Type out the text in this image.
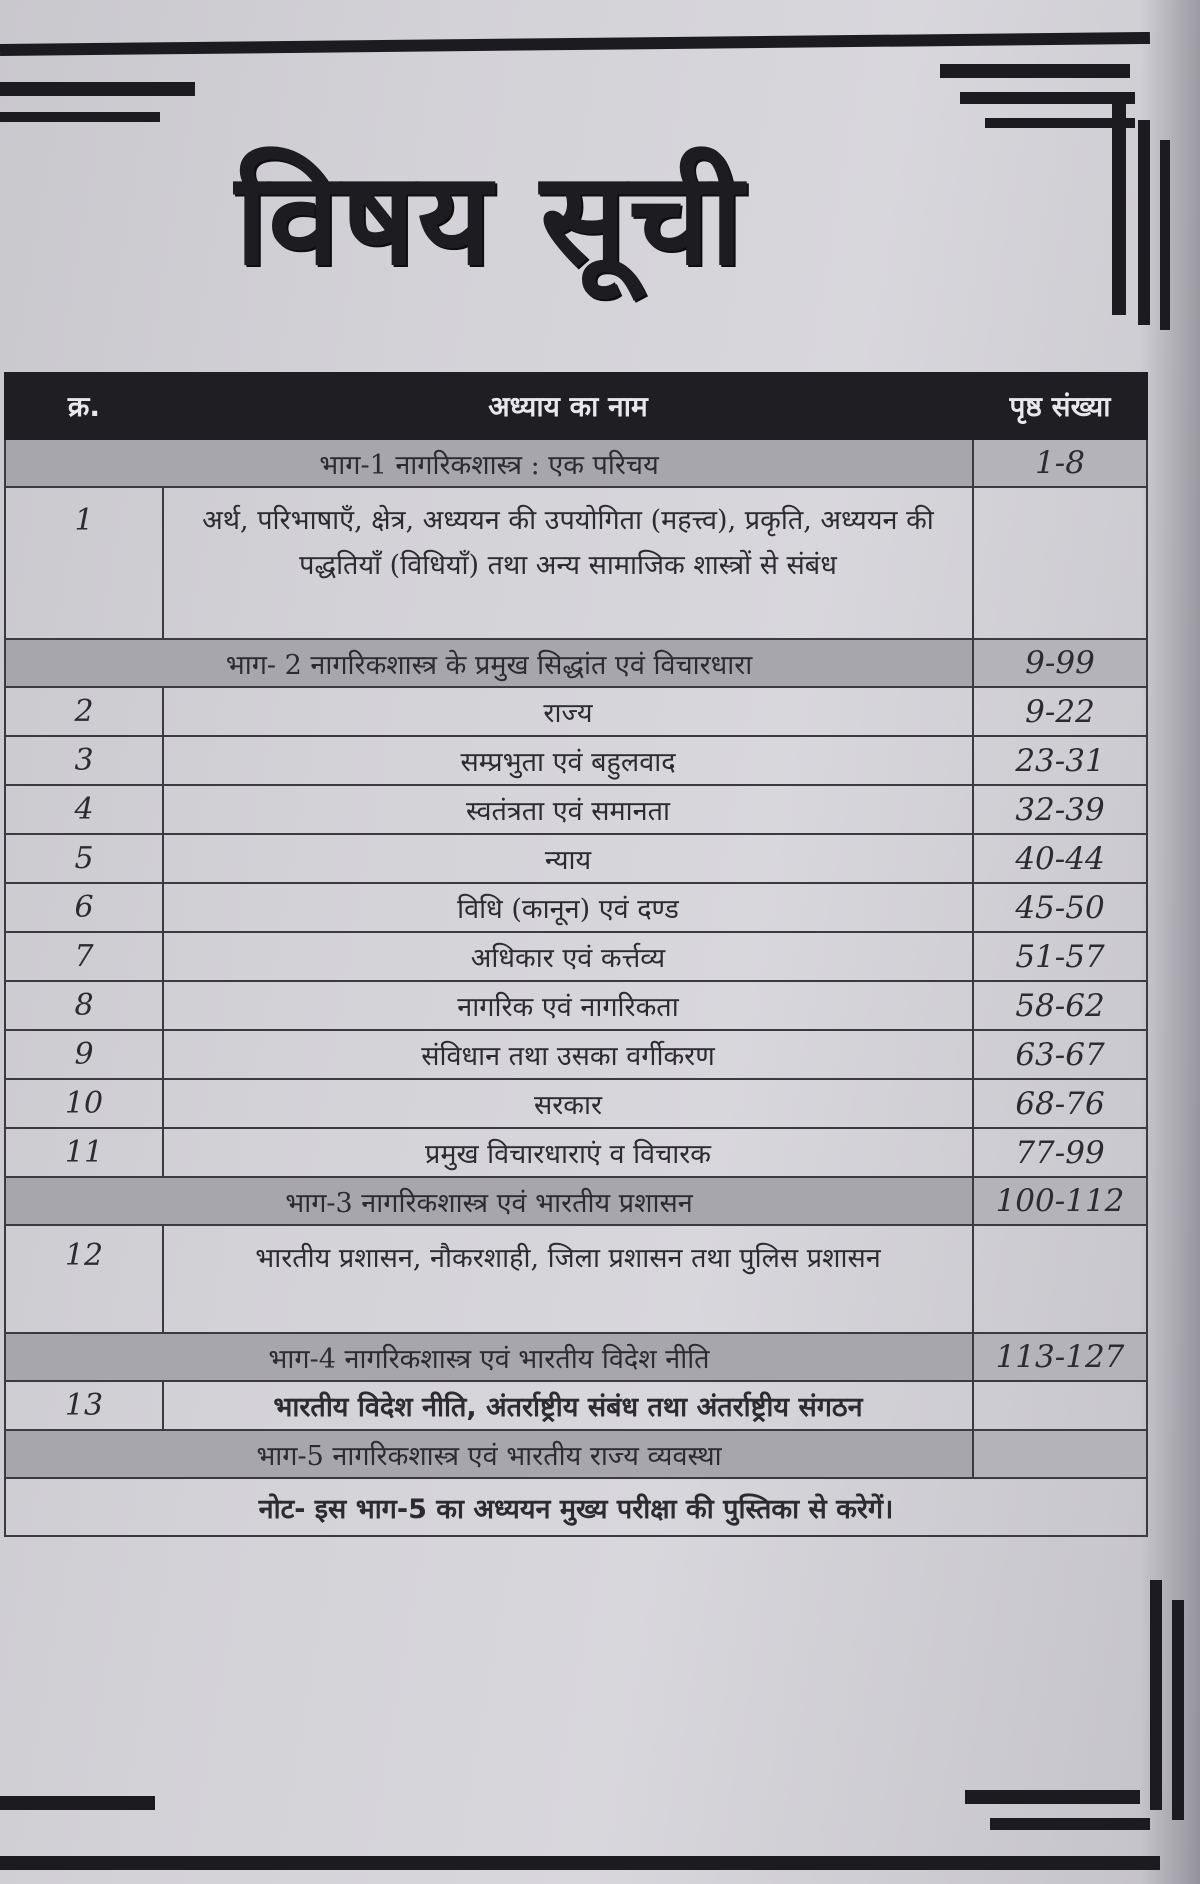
विषय सूची
क्र.	अध्याय का नाम	पृष्ठ संख्या
भाग-1 नागरिकशास्त्र : एक परिचय		1-8
1	अर्थ, परिभाषाएँ, क्षेत्र, अध्ययन की उपयोगिता (महत्त्व), प्रकृति, अध्ययन की पद्धतियाँ (विधियाँ) तथा अन्य सामाजिक शास्त्रों से संबंध	
भाग- 2 नागरिकशास्त्र के प्रमुख सिद्धांत एवं विचारधारा		9-99
2	राज्य	9-22
3	सम्प्रभुता एवं बहुलवाद	23-31
4	स्वतंत्रता एवं समानता	32-39
5	न्याय	40-44
6	विधि (कानून) एवं दण्ड	45-50
7	अधिकार एवं कर्त्तव्य	51-57
8	नागरिक एवं नागरिकता	58-62
9	संविधान तथा उसका वर्गीकरण	63-67
10	सरकार	68-76
11	प्रमुख विचारधाराएं व विचारक	77-99
भाग-3 नागरिकशास्त्र एवं भारतीय प्रशासन		100-112
12	भारतीय प्रशासन, नौकरशाही, जिला प्रशासन तथा पुलिस प्रशासन	
भाग-4 नागरिकशास्त्र एवं भारतीय विदेश नीति		113-127
13	भारतीय विदेश नीति, अंतर्राष्ट्रीय संबंध तथा अंतर्राष्ट्रीय संगठन	
भाग-5 नागरिकशास्त्र एवं भारतीय राज्य व्यवस्था		
नोट- इस भाग-5 का अध्ययन मुख्य परीक्षा की पुस्तिका से करेगें।		
